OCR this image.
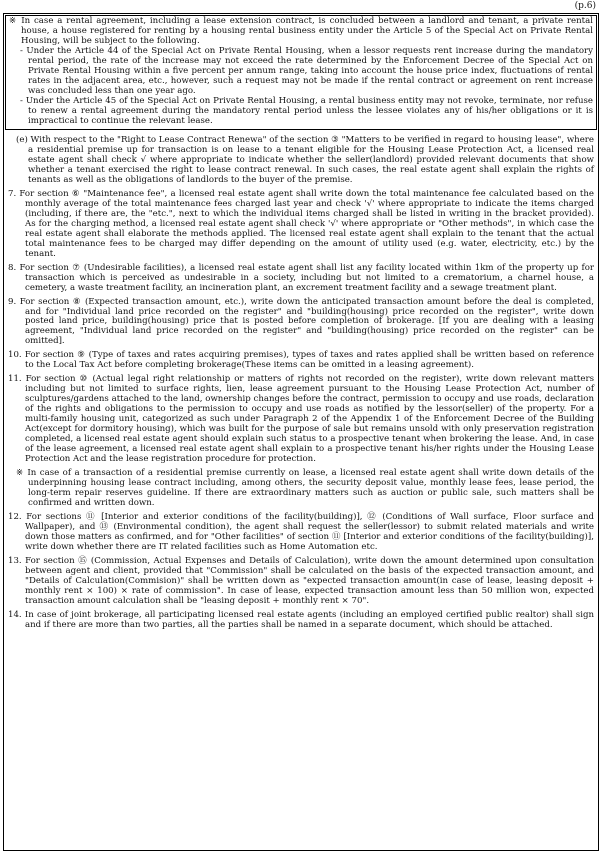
(p.6)

※ In case a rental agreement, including a lease extension contract, is concluded between a landlord and tenant, a private rental house, a house registered for renting by a housing rental business entity under the Article 5 of the Special Act on Private Rental Housing, will be subject to the following.

- Under the Article 44 of the Special Act on Private Rental Housing, when a lessor requests rent increase during the mandatory rental period, the rate of the increase may not exceed the rate determined by the Enforcement Decree of the Special Act on Private Rental Housing within a five percent per annum range, taking into account the house price index, fluctuations of rental rates in the adjacent area, etc., however, such a request may not be made if the rental contract or agreement on rent increase was concluded less than one year ago.

- Under the Article 45 of the Special Act on Private Rental Housing, a rental business entity may not revoke, terminate, nor refuse to renew a rental agreement during the mandatory rental period unless the lessee violates any of his/her obligations or it is impractical to continue the relevant lease.

(e) With respect to the "Right to Lease Contract Renewa" of the section ③ "Matters to be verified in regard to housing lease", where a residential premise up for transaction is on lease to a tenant eligible for the Housing Lease Protection Act, a licensed real estate agent shall check √ where appropriate to indicate whether the seller(landlord) provided relevant documents that show whether a tenant exercised the right to lease contract renewal. In such cases, the real estate agent shall explain the rights of tenants as well as the obligations of landlords to the buyer of the premise.

7. For section ⑥ "Maintenance fee", a licensed real estate agent shall write down the total maintenance fee calculated based on the monthly average of the total maintenance fees charged last year and check '√' where appropriate to indicate the items charged (including, if there are, the "etc.", next to which the individual items charged shall be listed in writing in the bracket provided). As for the charging method, a licensed real estate agent shall check '√' where appropriate or "Other methods", in which case the real estate agent shall elaborate the methods applied. The licensed real estate agent shall explain to the tenant that the actual total maintenance fees to be charged may differ depending on the amount of utility used (e.g. water, electricity, etc.) by the tenant.

8. For section ⑦ (Undesirable facilities), a licensed real estate agent shall list any facility located within 1km of the property up for transaction which is perceived as undesirable in a society, including but not limited to a crematorium, a charnel house, a cemetery, a waste treatment facility, an incineration plant, an excrement treatment facility and a sewage treatment plant.

9. For section ⑧ (Expected transaction amount, etc.), write down the anticipated transaction amount before the deal is completed, and for "Individual land price recorded on the register" and "building(housing) price recorded on the register", write down posted land price, building(housing) price that is posted before completion of brokerage. [If you are dealing with a leasing agreement, "Individual land price recorded on the register" and "building(housing) price recorded on the register" can be omitted].

10. For section ⑨ (Type of taxes and rates acquiring premises), types of taxes and rates applied shall be written based on reference to the Local Tax Act before completing brokerage(These items can be omitted in a leasing agreement).

11. For section ⑩ (Actual legal right relationship or matters of rights not recorded on the register), write down relevant matters including but not limited to surface rights, lien, lease agreement pursuant to the Housing Lease Protection Act, number of sculptures/gardens attached to the land, ownership changes before the contract, permission to occupy and use roads, declaration of the rights and obligations to the permission to occupy and use roads as notified by the lessor(seller) of the property. For a multi-family housing unit, categorized as such under Paragraph 2 of the Appendix 1 of the Enforcement Decree of the Building Act(except for dormitory housing), which was built for the purpose of sale but remains unsold with only preservation registration completed, a licensed real estate agent should explain such status to a prospective tenant when brokering the lease. And, in case of the lease agreement, a licensed real estate agent shall explain to a prospective tenant his/her rights under the Housing Lease Protection Act and the lease registration procedure for protection.

※ In case of a transaction of a residential premise currently on lease, a licensed real estate agent shall write down details of the underpinning housing lease contract including, among others, the security deposit value, monthly lease fees, lease period, the long-term repair reserves guideline. If there are extraordinary matters such as auction or public sale, such matters shall be confirmed and written down.

12. For sections ⑪ [Interior and exterior conditions of the facility(building)], ⑫ (Conditions of Wall surface, Floor surface and Wallpaper), and ⑬ (Environmental condition), the agent shall request the seller(lessor) to submit related materials and write down those matters as confirmed, and for "Other facilities" of section ⑪ [Interior and exterior conditions of the facility(building)], write down whether there are IT related facilities such as Home Automation etc.

13. For section ⑮ (Commission, Actual Expenses and Details of Calculation), write down the amount determined upon consultation between agent and client, provided that "Commission" shall be calculated on the basis of the expected transaction amount, and "Details of Calculation(Commision)" shall be written down as "expected transaction amount(in case of lease, leasing deposit + monthly rent × 100) × rate of commission". In case of lease, expected transaction amount less than 50 million won, expected transaction amount calculation shall be "leasing deposit + monthly rent × 70".

14. In case of joint brokerage, all participating licensed real estate agents (including an employed certified public realtor) shall sign and if there are more than two parties, all the parties shall be named in a separate document, which should be attached.
